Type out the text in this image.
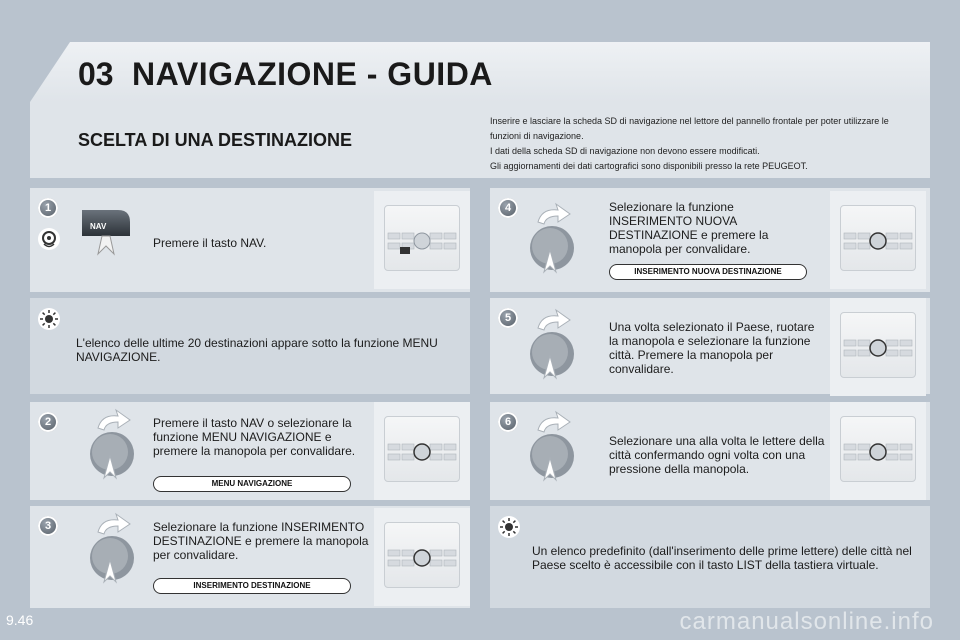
03 NAVIGAZIONE - GUIDA
SCELTA DI UNA DESTINAZIONE
Inserire e lasciare la scheda SD di navigazione nel lettore del pannello frontale per poter utilizzare le
funzioni di navigazione.
I dati della scheda SD di navigazione non devono essere modificati.
Gli aggiornamenti dei dati cartografici sono disponibili presso la rete PEUGEOT.
1
NAV
Premere il tasto NAV.
L'elenco delle ultime 20 destinazioni appare sotto la funzione MENU NAVIGAZIONE.
2	Premere il tasto NAV o selezionare la funzione MENU NAVIGAZIONE e premere la manopola per convalidare.
MENU NAVIGAZIONE
3	Selezionare la funzione INSERIMENTO DESTINAZIONE e premere la manopola per convalidare.
INSERIMENTO DESTINAZIONE
4	Selezionare la funzione INSERIMENTO NUOVA DESTINAZIONE e premere la manopola per convalidare.
INSERIMENTO NUOVA DESTINAZIONE
5
Una volta selezionato il Paese, ruotare la manopola e selezionare la funzione città. Premere la manopola per convalidare.
6
Selezionare una alla volta le lettere della città confermando ogni volta con una pressione della manopola.
Un elenco predefinito (dall'inserimento delle prime lettere) delle città nel Paese scelto è accessibile con il tasto LIST della tastiera virtuale.
9.46	carmanualsonline.info
